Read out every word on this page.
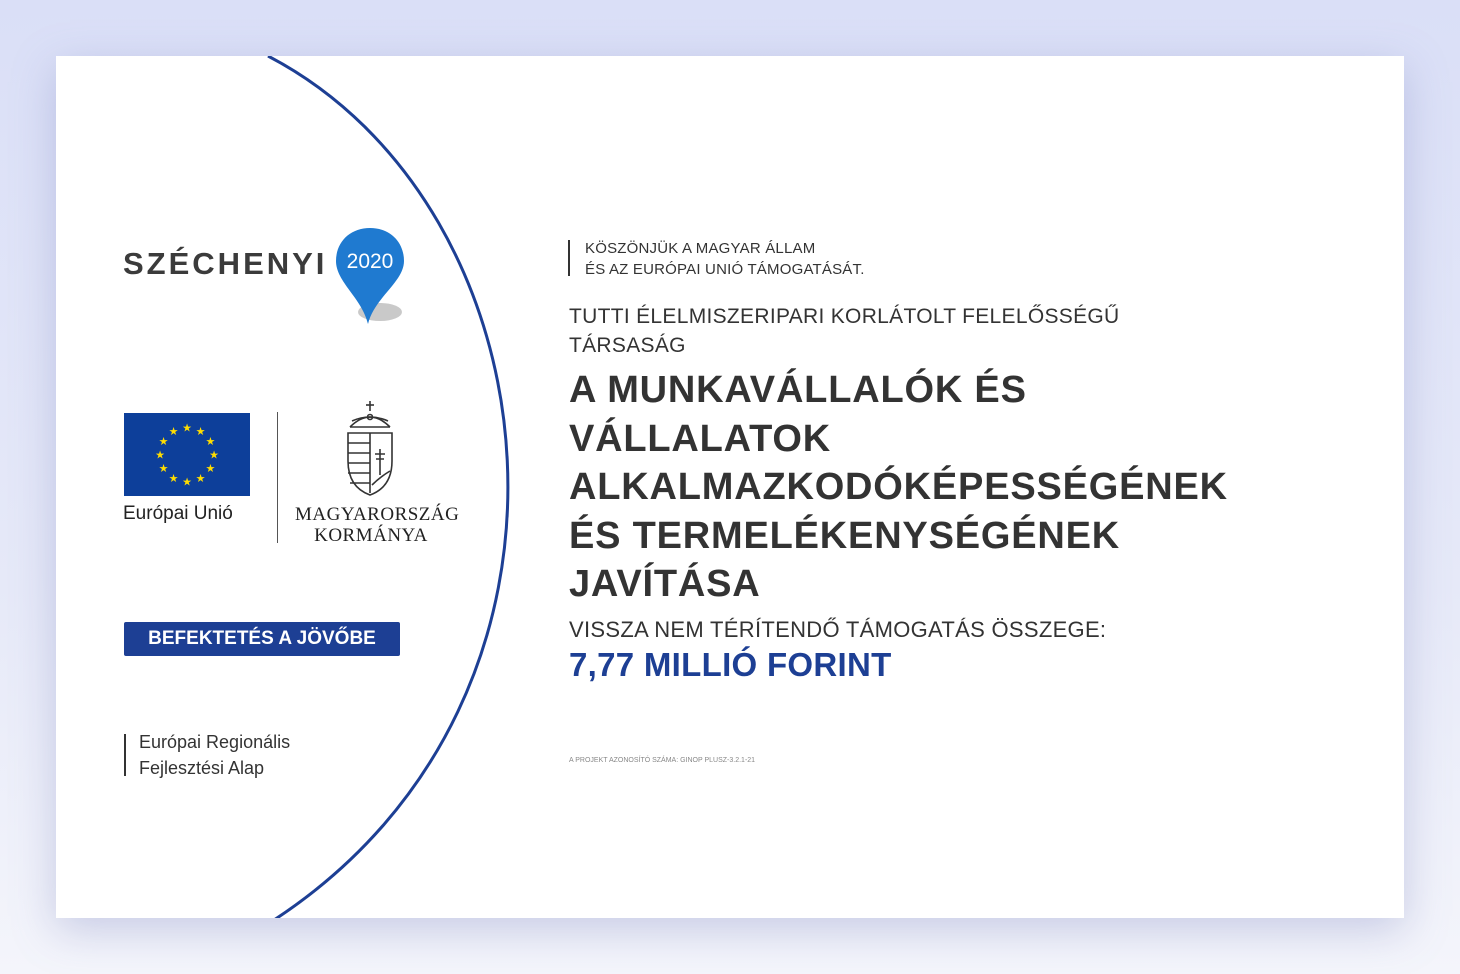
SZÉCHENYI 2020
★ ★
★
★
★
★
★
★
★
★
★
★
Európai Unió	MAGYARORSZÁG
KORMÁNYA
BEFEKTETÉS A JÖVŐBE
Európai Regionális
Fejlesztési Alap
KÖSZÖNJÜK A MAGYAR ÁLLAM
ÉS AZ EURÓPAI UNIÓ TÁMOGATÁSÁT.
TUTTI ÉLELMISZERIPARI KORLÁTOLT FELELŐSSÉGŰ TÁRSASÁG
A MUNKAVÁLLALÓK ÉS
VÁLLALATOK
ALKALMAZKODÓKÉPESSÉGÉNEK
ÉS TERMELÉKENYSÉGÉNEK
JAVÍTÁSA
VISSZA NEM TÉRÍTENDŐ TÁMOGATÁS ÖSSZEGE:
7,77 MILLIÓ FORINT
A PROJEKT AZONOSÍTÓ SZÁMA: GINOP PLUSZ-3.2.1-21
